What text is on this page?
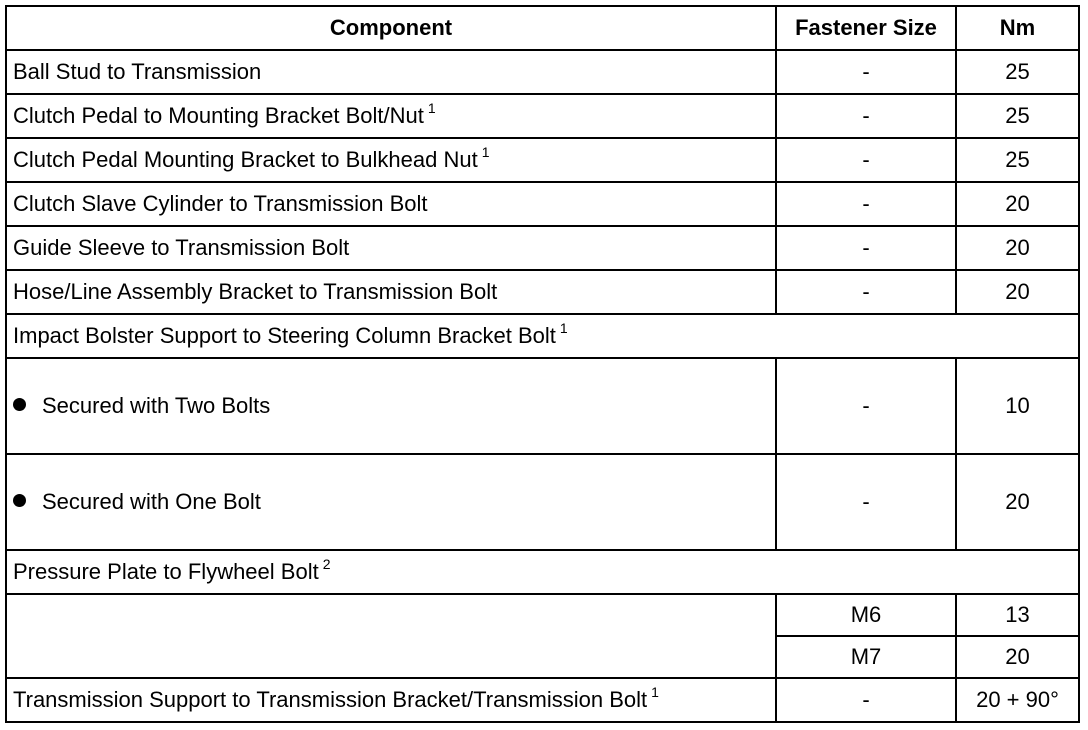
Component	Fastener Size	Nm
Ball Stud to Transmission	-	25
Clutch Pedal to Mounting Bracket Bolt/Nut $^1$	-	25
Clutch Pedal Mounting Bracket to Bulkhead Nut $^1$	-	25
Clutch Slave Cylinder to Transmission Bolt	-	20
Guide Sleeve to Transmission Bolt	-	20
Hose/Line Assembly Bracket to Transmission Bolt	-	20
Impact Bolster Support to Steering Column Bracket Bolt $^1$
Secured with Two Bolts	-	10
Secured with One Bolt	-	20
Pressure Plate to Flywheel Bolt $^2$
	M6	13
	M7	20
Transmission Support to Transmission Bracket/Transmission Bolt $^1$	-	20 + 90°
